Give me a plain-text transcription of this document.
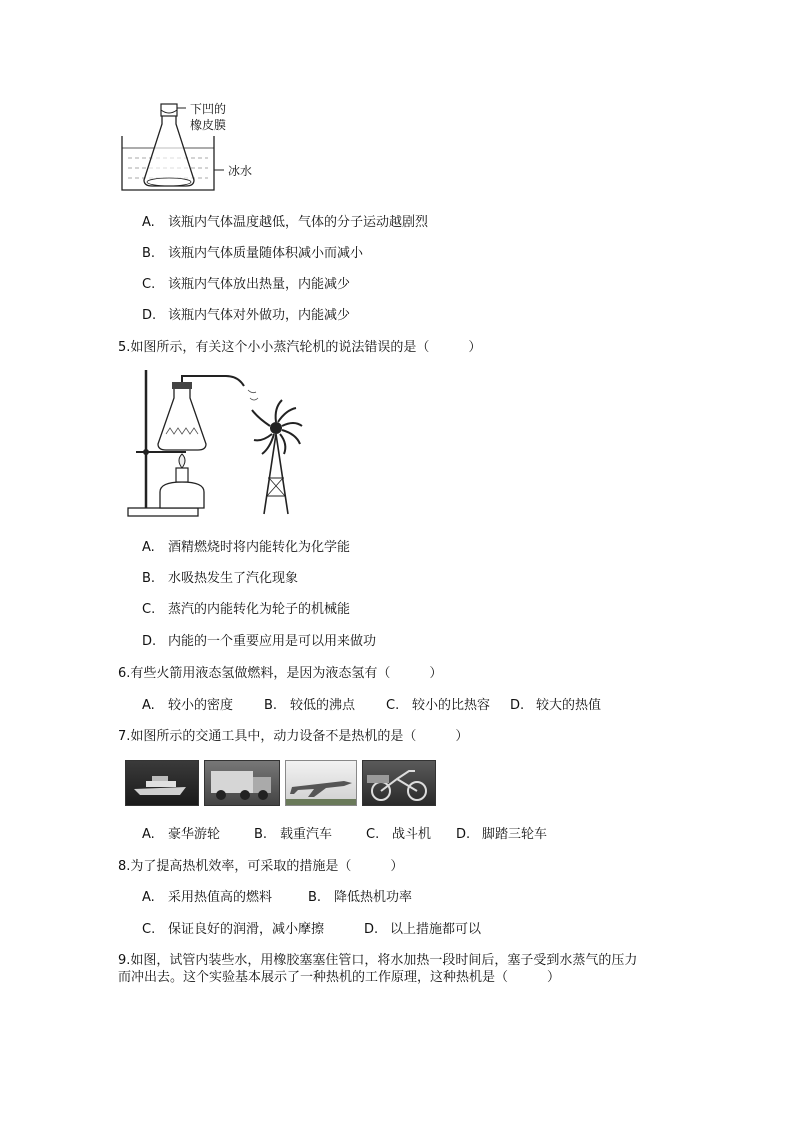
下凹的
橡皮膜
冰水
A. 该瓶内气体温度越低，气体的分子运动越剧烈
B. 该瓶内气体质量随体积减小而减小
C. 该瓶内气体放出热量，内能减少
D. 该瓶内气体对外做功，内能减少
5.如图所示，有关这个小小蒸汽轮机的说法错误的是（　　　）
A. 酒精燃烧时将内能转化为化学能
B. 水吸热发生了汽化现象
C. 蒸汽的内能转化为轮子的机械能
D. 内能的一个重要应用是可以用来做功
6.有些火箭用液态氢做燃料，是因为液态氢有（　　　）
A. 较小的密度 B. 较低的沸点 C. 较小的比热容 D. 较大的热值
7.如图所示的交通工具中，动力设备不是热机的是（　　　）
A. 豪华游轮	B. 载重汽车	C. 战斗机 D. 脚踏三轮车
8.为了提高热机效率，可采取的措施是（　　　）
A. 采用热值高的燃料	B. 降低热机功率
C. 保证良好的润滑，减小摩擦	D. 以上措施都可以
9.如图，试管内装些水，用橡胶塞塞住管口，将水加热一段时间后，塞子受到水蒸气的压力
而冲出去。这个实验基本展示了一种热机的工作原理，这种热机是（　　　）
